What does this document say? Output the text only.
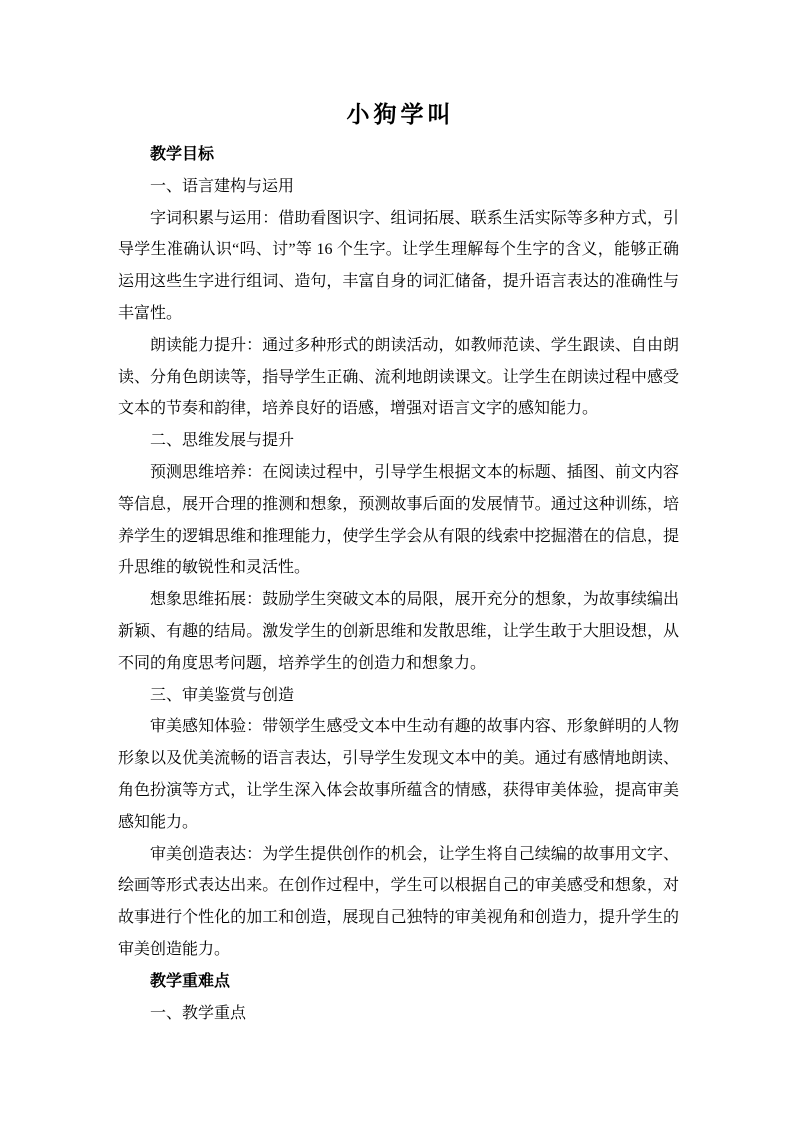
小狗学叫

教学目标

一、语言建构与运用

字词积累与运用：借助看图识字、组词拓展、联系生活实际等多种方式，引导学生准确认识“吗、讨”等 16 个生字。让学生理解每个生字的含义，能够正确运用这些生字进行组词、造句，丰富自身的词汇储备，提升语言表达的准确性与丰富性。

朗读能力提升：通过多种形式的朗读活动，如教师范读、学生跟读、自由朗读、分角色朗读等，指导学生正确、流利地朗读课文。让学生在朗读过程中感受文本的节奏和韵律，培养良好的语感，增强对语言文字的感知能力。

二、思维发展与提升

预测思维培养：在阅读过程中，引导学生根据文本的标题、插图、前文内容等信息，展开合理的推测和想象，预测故事后面的发展情节。通过这种训练，培养学生的逻辑思维和推理能力，使学生学会从有限的线索中挖掘潜在的信息，提升思维的敏锐性和灵活性。

想象思维拓展：鼓励学生突破文本的局限，展开充分的想象，为故事续编出新颖、有趣的结局。激发学生的创新思维和发散思维，让学生敢于大胆设想，从不同的角度思考问题，培养学生的创造力和想象力。

三、审美鉴赏与创造

审美感知体验：带领学生感受文本中生动有趣的故事内容、形象鲜明的人物形象以及优美流畅的语言表达，引导学生发现文本中的美。通过有感情地朗读、角色扮演等方式，让学生深入体会故事所蕴含的情感，获得审美体验，提高审美感知能力。

审美创造表达：为学生提供创作的机会，让学生将自己续编的故事用文字、绘画等形式表达出来。在创作过程中，学生可以根据自己的审美感受和想象，对故事进行个性化的加工和创造，展现自己独特的审美视角和创造力，提升学生的审美创造能力。

教学重难点

一、教学重点
